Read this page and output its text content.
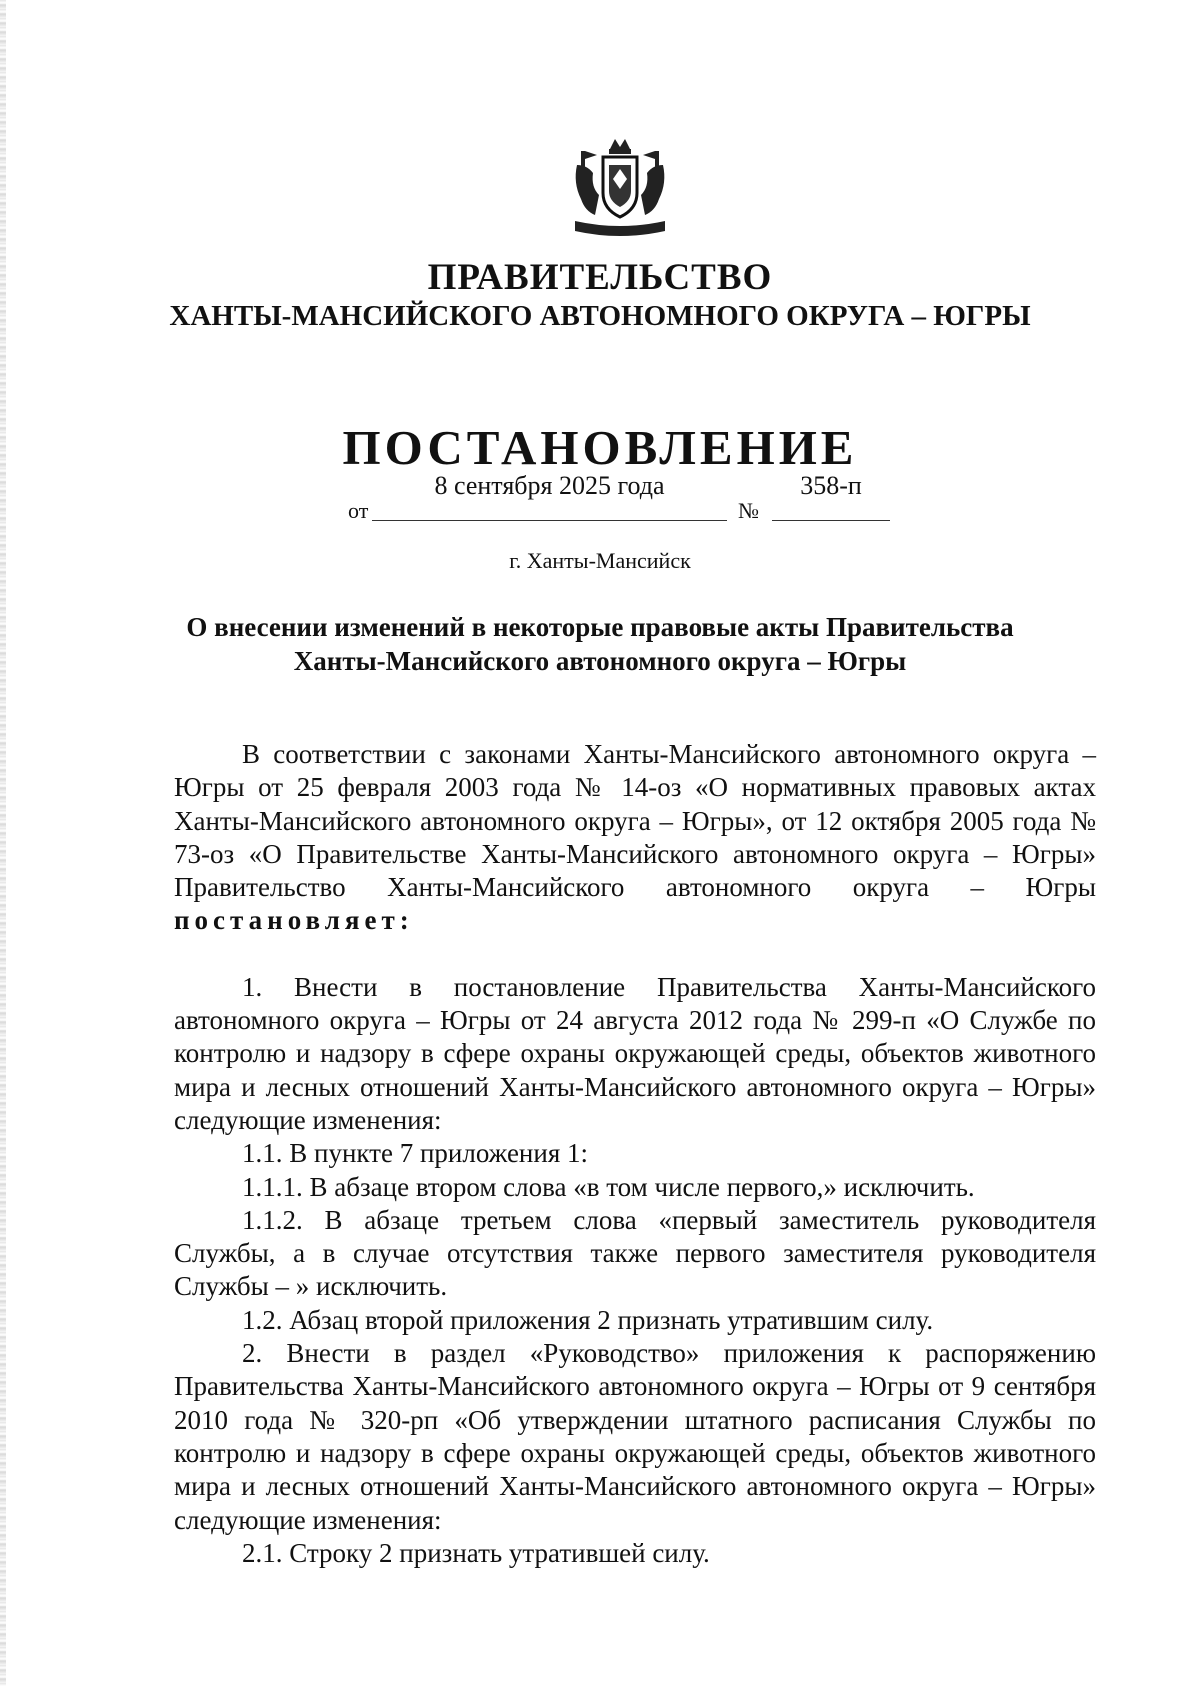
ПРАВИТЕЛЬСТВО
ХАНТЫ-МАНСИЙСКОГО АВТОНОМНОГО ОКРУГА – ЮГРЫ
ПОСТАНОВЛЕНИЕ
от
8 сентября 2025 года
№
358-п
г. Ханты-Мансийск
О внесении изменений в некоторые правовые акты Правительства
Ханты-Мансийского автономного округа – Югры

В соответствии с законами Ханты-Мансийского автономного округа – Югры от 25 февраля 2003 года № 14-оз «О нормативных правовых актах Ханты-Мансийского автономного округа – Югры», от 12 октября 2005 года № 73-оз «О Правительстве Ханты-Мансийского автономного округа – Югры» Правительство Ханты-Мансийского автономного округа – Югры постановляет:

1. Внести в постановление Правительства Ханты-Мансийского автономного округа – Югры от 24 августа 2012 года № 299-п «О Службе по контролю и надзору в сфере охраны окружающей среды, объектов животного мира и лесных отношений Ханты-Мансийского автономного округа – Югры» следующие изменения:

1.1. В пункте 7 приложения 1:

1.1.1. В абзаце втором слова «в том числе первого,» исключить.

1.1.2. В абзаце третьем слова «первый заместитель руководителя Службы, а в случае отсутствия также первого заместителя руководителя Службы – » исключить.

1.2. Абзац второй приложения 2 признать утратившим силу.

2. Внести в раздел «Руководство» приложения к распоряжению Правительства Ханты-Мансийского автономного округа – Югры от 9 сентября 2010 года № 320-рп «Об утверждении штатного расписания Службы по контролю и надзору в сфере охраны окружающей среды, объектов животного мира и лесных отношений Ханты-Мансийского автономного округа – Югры» следующие изменения:

2.1. Строку 2 признать утратившей силу.
